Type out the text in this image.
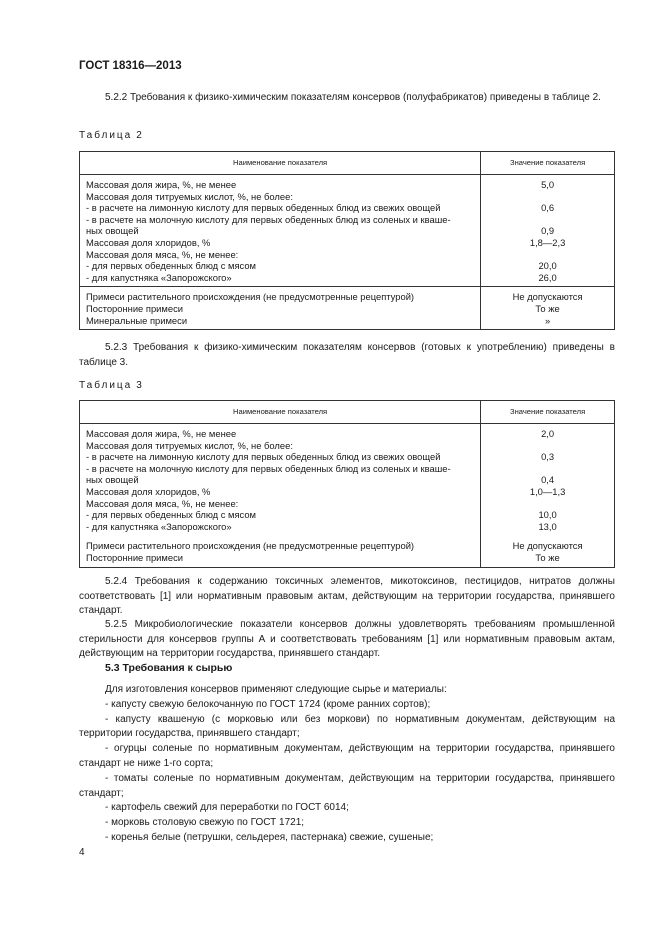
ГОСТ 18316—2013

5.2.2 Требования к физико-химическим показателям консервов (полуфабрикатов) приведены в таблице 2.

Таблица 2
Наименование показателя	Значение показателя
Массовая доля жира, %, не менее	5,0
Массовая доля титруемых кислот, %, не более:	
- в расчете на лимонную кислоту для первых обеденных блюд из свежих овощей	0,6
- в расчете на молочную кислоту для первых обеденных блюд из соленых и кваше-	
ных овощей	0,9
Массовая доля хлоридов, %	1,8—2,3
Массовая доля мяса, %, не менее:	
- для первых обеденных блюд с мясом	20,0
- для капустняка «Запорожского»	26,0
Примеси растительного происхождения (не предусмотренные рецептурой)	Не допускаются
Посторонние примеси	То же
Минеральные примеси	»

5.2.3 Требования к физико-химическим показателям консервов (готовых к употреблению) приведены в таблице 3.

Таблица 3
Наименование показателя	Значение показателя
Массовая доля жира, %, не менее	2,0
Массовая доля титруемых кислот, %, не более:	
- в расчете на лимонную кислоту для первых обеденных блюд из свежих овощей	0,3
- в расчете на молочную кислоту для первых обеденных блюд из соленых и кваше-	
ных овощей	0,4
Массовая доля хлоридов, %	1,0—1,3
Массовая доля мяса, %, не менее:	
- для первых обеденных блюд с мясом	10,0
- для капустняка «Запорожского»	13,0

Примеси растительного происхождения (не предусмотренные рецептурой)	Не допускаются
Посторонние примеси	То же

5.2.4 Требования к содержанию токсичных элементов, микотоксинов, пестицидов, нитратов должны соответствовать [1] или нормативным правовым актам, действующим на территории государства, принявшего стандарт.

5.2.5 Микробиологические показатели консервов должны удовлетворять требованиям промышленной стерильности для консервов группы А и соответствовать требованиям [1] или нормативным правовым актам, действующим на территории государства, принявшего стандарт.

5.3 Требования к сырью
Для изготовления консервов применяют следующие сырье и материалы:
- капусту свежую белокочанную по ГОСТ 1724 (кроме ранних сортов);
- капусту квашеную (с морковью или без моркови) по нормативным документам, действующим на территории государства, принявшего стандарт;
- огурцы соленые по нормативным документам, действующим на территории государства, принявшего стандарт не ниже 1-го сорта;
- томаты соленые по нормативным документам, действующим на территории государства, принявшего стандарт;
- картофель свежий для переработки по ГОСТ 6014;
- морковь столовую свежую по ГОСТ 1721;
- коренья белые (петрушки, сельдерея, пастернака) свежие, сушеные;
4
